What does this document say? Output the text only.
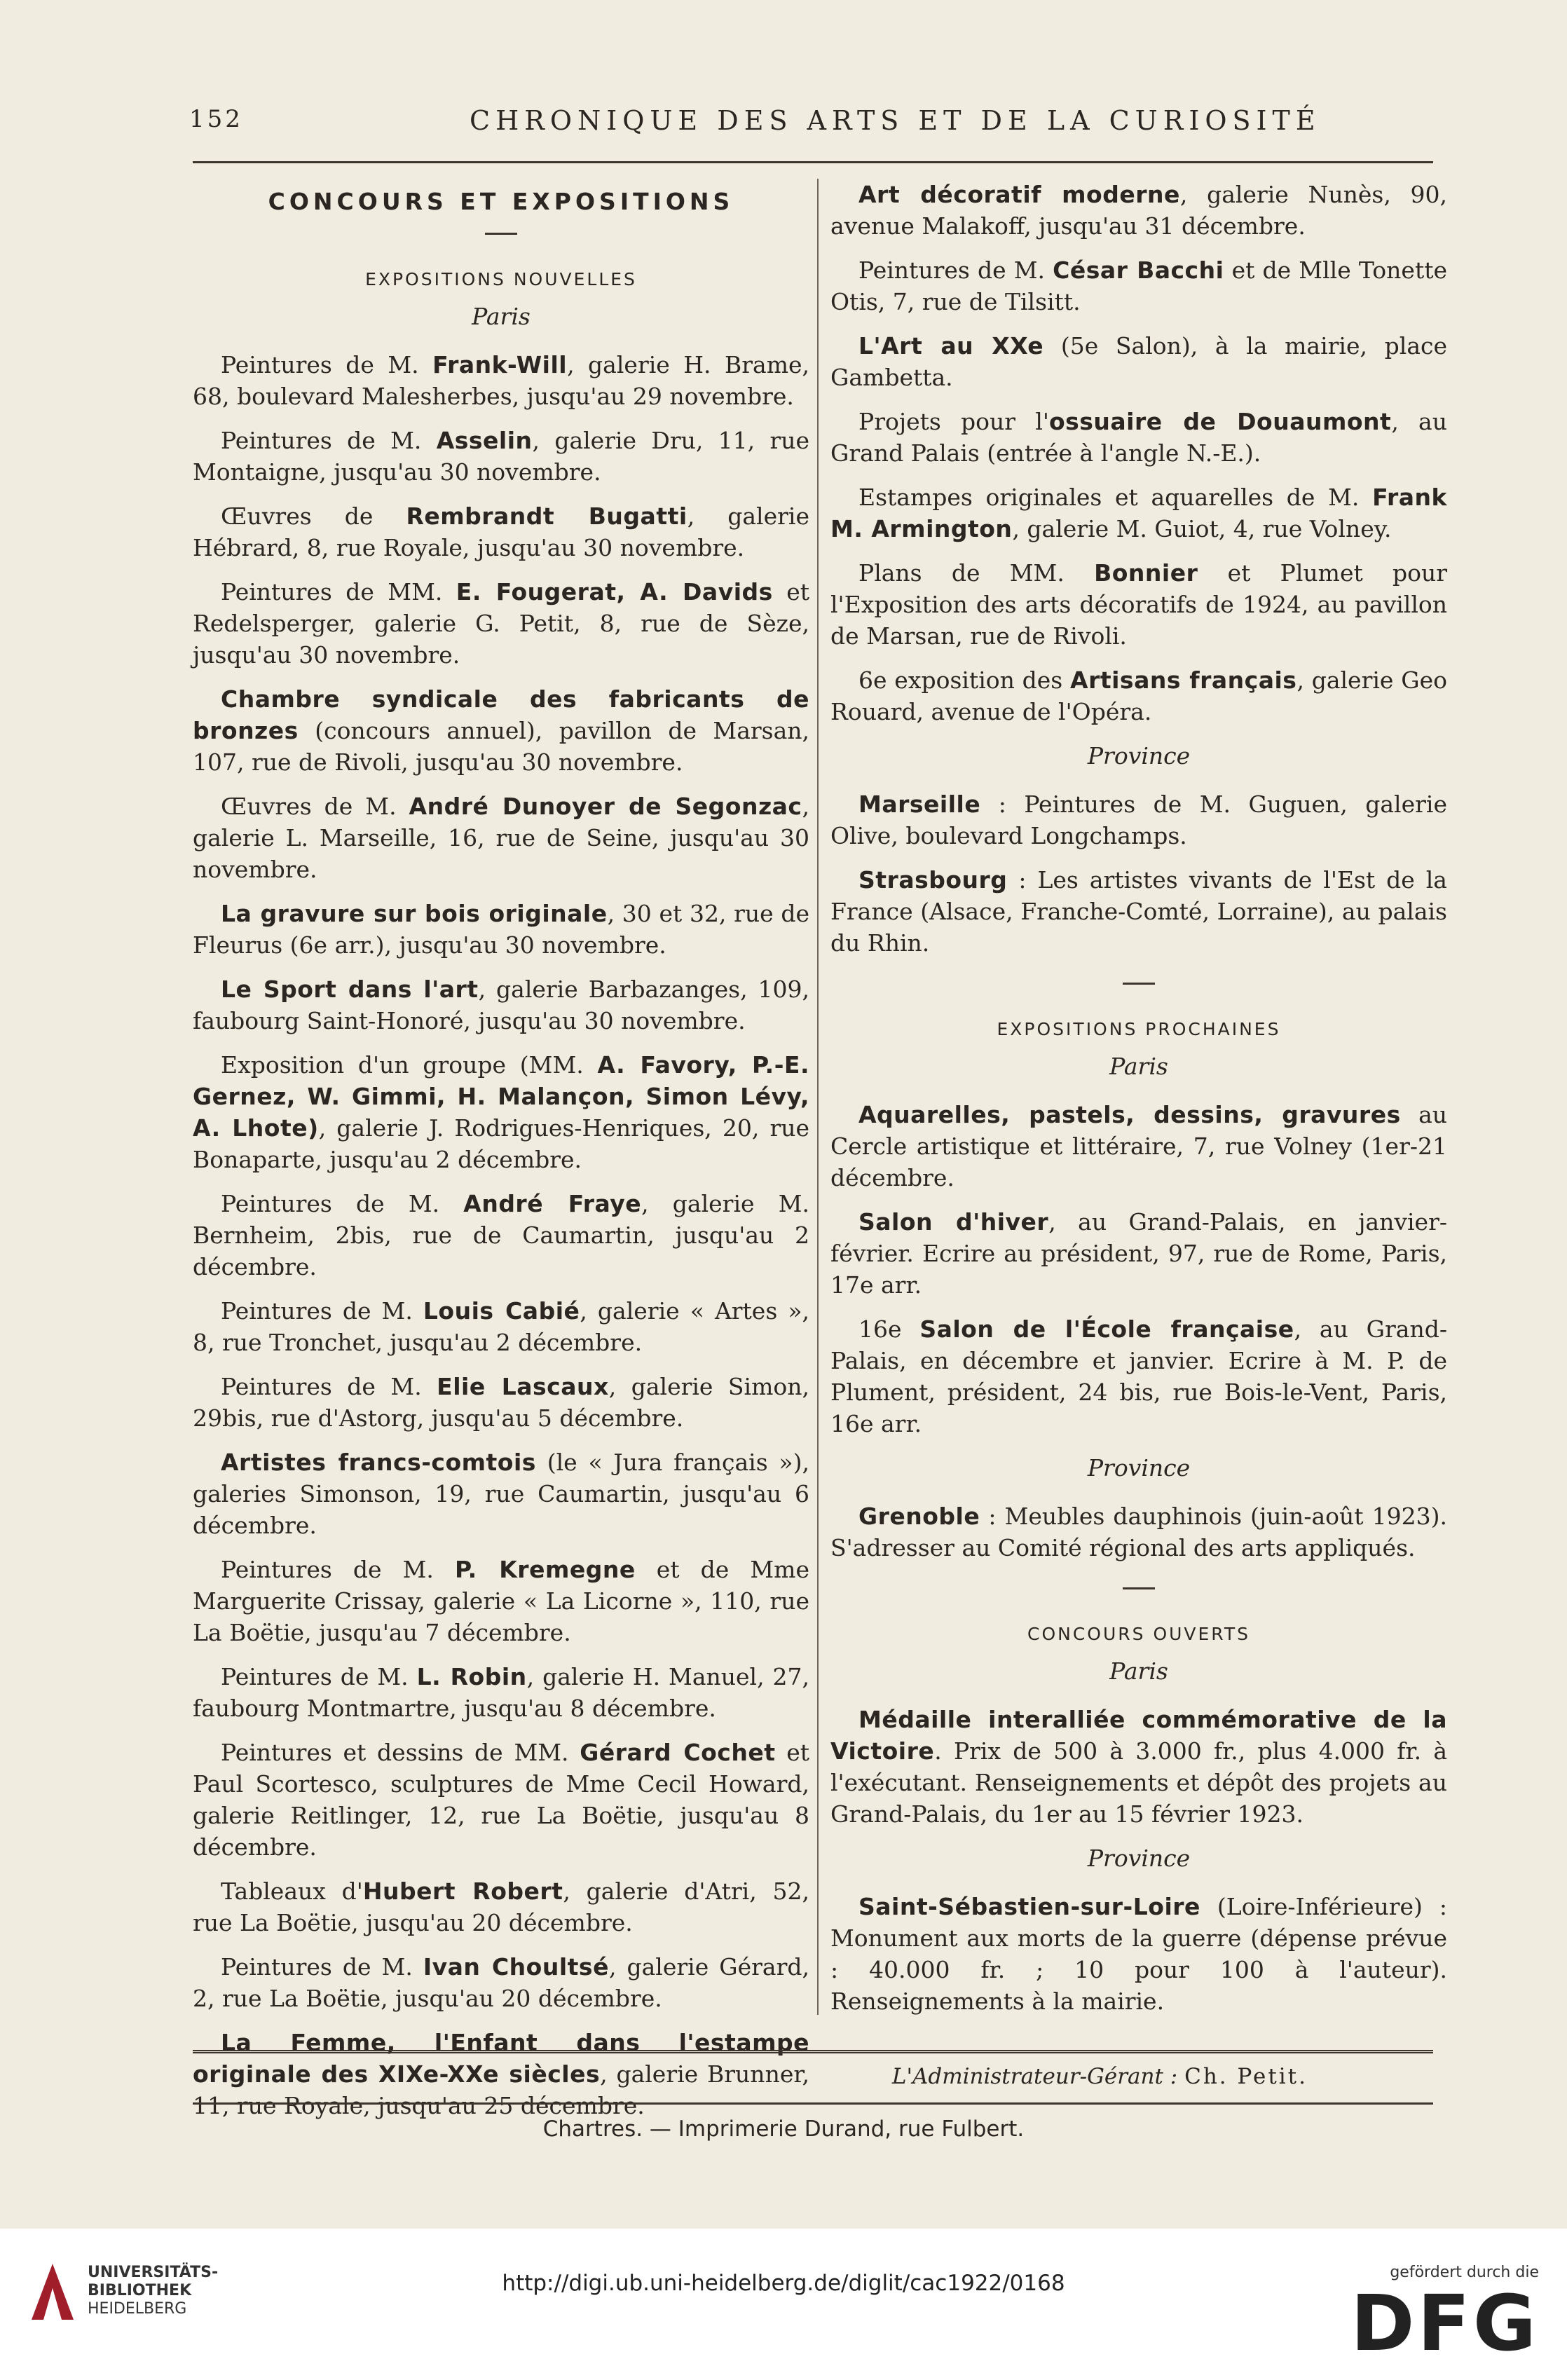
152	CHRONIQUE DES ARTS ET DE LA CURIOSITÉ
CONCOURS ET EXPOSITIONS
EXPOSITIONS NOUVELLES
Paris

Peintures de M. Frank-Will, galerie H. Brame, 68, boulevard Malesherbes, jusqu'au 29 novembre.

Peintures de M. Asselin, galerie Dru, 11, rue Montaigne, jusqu'au 30 novembre.

Œuvres de Rembrandt Bugatti, galerie Hébrard, 8, rue Royale, jusqu'au 30 novembre.

Peintures de MM. E. Fougerat, A. Davids et Redelsperger, galerie G. Petit, 8, rue de Sèze, jusqu'au 30 novembre.

Chambre syndicale des fabricants de bronzes (concours annuel), pavillon de Marsan, 107, rue de Rivoli, jusqu'au 30 novembre.

Œuvres de M. André Dunoyer de Segonzac, galerie L. Marseille, 16, rue de Seine, jusqu'au 30 novembre.

La gravure sur bois originale, 30 et 32, rue de Fleurus (6e arr.), jusqu'au 30 novembre.

Le Sport dans l'art, galerie Barbazanges, 109, faubourg Saint-Honoré, jusqu'au 30 novembre.

Exposition d'un groupe (MM. A. Favory, P.-E. Gernez, W. Gimmi, H. Malançon, Simon Lévy, A. Lhote), galerie J. Rodrigues-Henriques, 20, rue Bonaparte, jusqu'au 2 décembre.

Peintures de M. André Fraye, galerie M. Bernheim, 2bis, rue de Caumartin, jusqu'au 2 décembre.

Peintures de M. Louis Cabié, galerie « Artes », 8, rue Tronchet, jusqu'au 2 décembre.

Peintures de M. Elie Lascaux, galerie Simon, 29bis, rue d'Astorg, jusqu'au 5 décembre.

Artistes francs-comtois (le « Jura français »), galeries Simonson, 19, rue Caumartin, jusqu'au 6 décembre.

Peintures de M. P. Kremegne et de Mme Marguerite Crissay, galerie « La Licorne », 110, rue La Boëtie, jusqu'au 7 décembre.

Peintures de M. L. Robin, galerie H. Manuel, 27, faubourg Montmartre, jusqu'au 8 décembre.

Peintures et dessins de MM. Gérard Cochet et Paul Scortesco, sculptures de Mme Cecil Howard, galerie Reitlinger, 12, rue La Boëtie, jusqu'au 8 décembre.

Tableaux d'Hubert Robert, galerie d'Atri, 52, rue La Boëtie, jusqu'au 20 décembre.

Peintures de M. Ivan Choultsé, galerie Gérard, 2, rue La Boëtie, jusqu'au 20 décembre.

La Femme, l'Enfant dans l'estampe originale des XIXe-XXe siècles, galerie Brunner, 11, rue Royale, jusqu'au 25 décembre.

Art décoratif moderne, galerie Nunès, 90, avenue Malakoff, jusqu'au 31 décembre.

Peintures de M. César Bacchi et de Mlle Tonette Otis, 7, rue de Tilsitt.

L'Art au XXe (5e Salon), à la mairie, place Gambetta.

Projets pour l'ossuaire de Douaumont, au Grand Palais (entrée à l'angle N.-E.).

Estampes originales et aquarelles de M. Frank M. Armington, galerie M. Guiot, 4, rue Volney.

Plans de MM. Bonnier et Plumet pour l'Exposition des arts décoratifs de 1924, au pavillon de Marsan, rue de Rivoli.

6e exposition des Artisans français, galerie Geo Rouard, avenue de l'Opéra.

Province

Marseille : Peintures de M. Guguen, galerie Olive, boulevard Longchamps.

Strasbourg : Les artistes vivants de l'Est de la France (Alsace, Franche-Comté, Lorraine), au palais du Rhin.

EXPOSITIONS PROCHAINES
Paris

Aquarelles, pastels, dessins, gravures au Cercle artistique et littéraire, 7, rue Volney (1er-21 décembre.

Salon d'hiver, au Grand-Palais, en janvier-février. Ecrire au président, 97, rue de Rome, Paris, 17e arr.

16e Salon de l'École française, au Grand-Palais, en décembre et janvier. Ecrire à M. P. de Plument, président, 24 bis, rue Bois-le-Vent, Paris, 16e arr.

Province

Grenoble : Meubles dauphinois (juin-août 1923). S'adresser au Comité régional des arts appliqués.

CONCOURS OUVERTS
Paris

Médaille interalliée commémorative de la Victoire. Prix de 500 à 3.000 fr., plus 4.000 fr. à l'exécutant. Renseignements et dépôt des projets au Grand-Palais, du 1er au 15 février 1923.

Province

Saint-Sébastien-sur-Loire (Loire-Inférieure) : Monument aux morts de la guerre (dépense prévue : 40.000 fr. ; 10 pour 100 à l'auteur). Renseignements à la mairie.

L'Administrateur-Gérant : Ch. Petit.
Chartres. — Imprimerie Durand, rue Fulbert.
UNIVERSITÄTS-
BIBLIOTHEK
HEIDELBERG
http://digi.ub.uni-heidelberg.de/diglit/cac1922/0168	gefördert durch die
DFG
